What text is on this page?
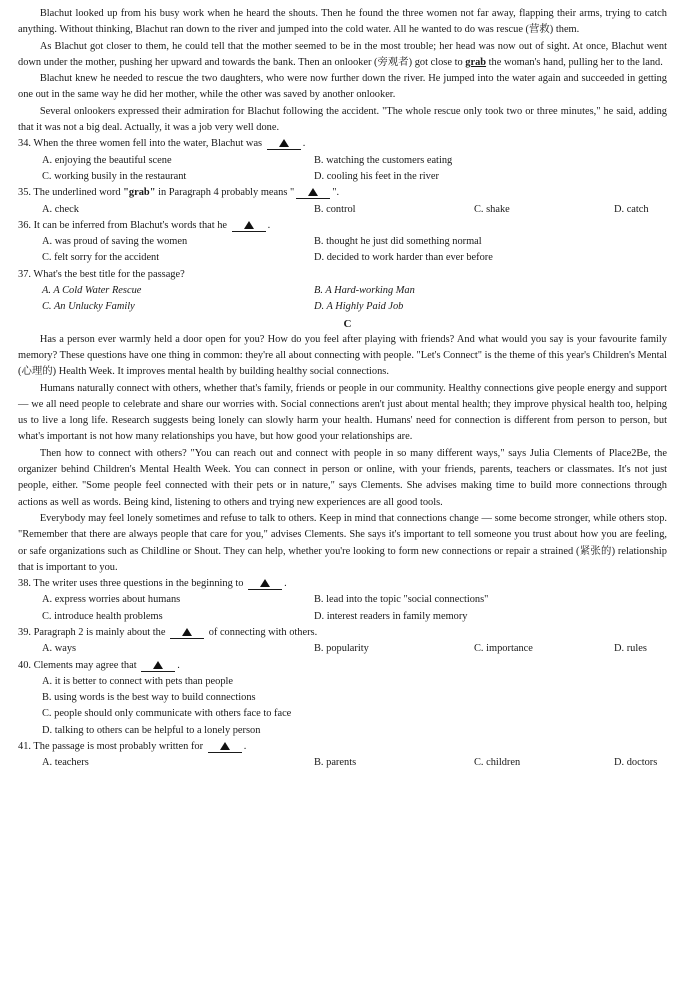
Blachut looked up from his busy work when he heard the shouts. Then he found the three women not far away, flapping their arms, trying to catch anything. Without thinking, Blachut ran down to the river and jumped into the cold water. All he wanted to do was rescue (营救) them.

As Blachut got closer to them, he could tell that the mother seemed to be in the most trouble; her head was now out of sight. At once, Blachut went down under the mother, pushing her upward and towards the bank. Then an onlooker (旁观者) got close to grab the woman's hand, pulling her to the land.

Blachut knew he needed to rescue the two daughters, who were now further down the river. He jumped into the water again and succeeded in getting one out in the same way he did her mother, while the other was saved by another onlooker.

Several onlookers expressed their admiration for Blachut following the accident. "The whole rescue only took two or three minutes," he said, adding that it was not a big deal. Actually, it was a job very well done.

34. When the three women fell into the water, Blachut was	.

A. enjoying the beautiful scene	B. watching the customers eating
C. working busily in the restaurant	D. cooling his feet in the river

35. The underlined word "grab" in Paragraph 4 probably means "	".

A. check	B. control	C. shake	D. catch

36. It can be inferred from Blachut's words that he	.

A. was proud of saving the women	B. thought he just did something normal
C. felt sorry for the accident	D. decided to work harder than ever before

37. What's the best title for the passage?

A. A Cold Water Rescue	B. A Hard-working Man
C. An Unlucky Family	D. A Highly Paid Job
C

Has a person ever warmly held a door open for you? How do you feel after playing with friends? And what would you say is your favourite family memory? These questions have one thing in common: they're all about connecting with people. "Let's Connect" is the theme of this year's Children's Mental (心理的) Health Week. It improves mental health by building healthy social connections.

Humans naturally connect with others, whether that's family, friends or people in our community. Healthy connections give people energy and support — we all need people to celebrate and share our worries with. Social connections aren't just about mental health; they improve physical health too, helping us to live a long life. Research suggests being lonely can slowly harm your health. Humans' need for connection is different from person to person, but what's important is not how many relationships you have, but how good your relationships are.

Then how to connect with others? "You can reach out and connect with people in so many different ways," says Julia Clements of Place2Be, the organizer behind Children's Mental Health Week. You can connect in person or online, with your friends, parents, teachers or classmates. It's not just people, either. "Some people feel connected with their pets or in nature," says Clements. She advises making time to build more connections through actions as well as words. Being kind, listening to others and trying new experiences are all good tools.

Everybody may feel lonely sometimes and refuse to talk to others. Keep in mind that connections change — some become stronger, while others stop. "Remember that there are always people that care for you," advises Clements. She says it's important to tell someone you trust about how you are feeling, or safe organizations such as Childline or Shout. They can help, whether you're looking to form new connections or repair a strained (紧张的) relationship that is important to you.

38. The writer uses three questions in the beginning to	.

A. express worries about humans	B. lead into the topic "social connections"
C. introduce health problems	D. interest readers in family memory

39. Paragraph 2 is mainly about the	of connecting with others.

A. ways	B. popularity	C. importance	D. rules

40. Clements may agree that	.

A. it is better to connect with pets than people
B. using words is the best way to build connections
C. people should only communicate with others face to face
D. talking to others can be helpful to a lonely person

41. The passage is most probably written for	.

A. teachers	B. parents	C. children	D. doctors
